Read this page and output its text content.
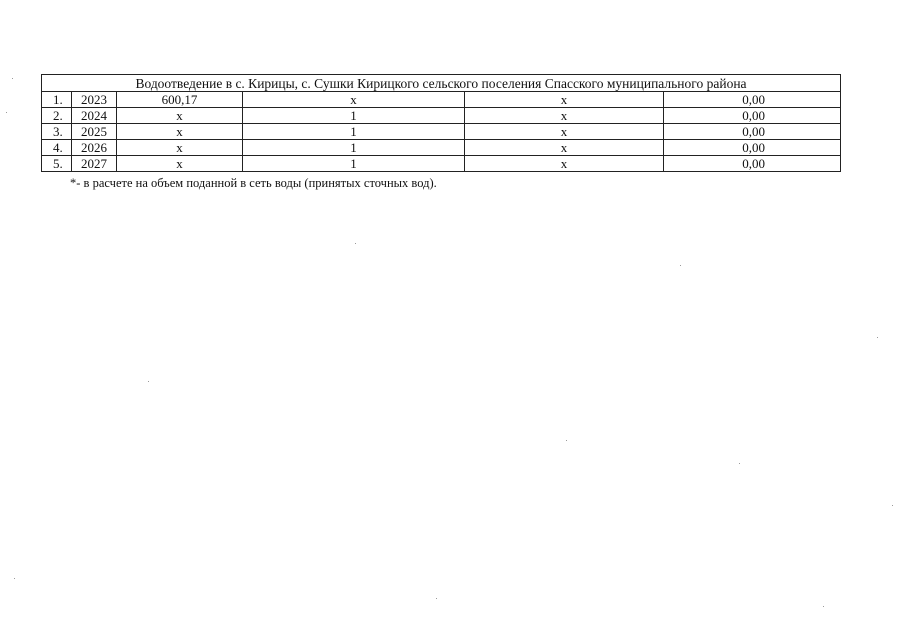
Водоотведение в с. Кирицы, с. Сушки Кирицкого сельского поселения Спасского муниципального района					
1.	2023	600,17	x	x	0,00
2.	2024	x	1	x	0,00
3.	2025	x	1	x	0,00
4.	2026	x	1	x	0,00
5.	2027	x	1	x	0,00
*- в расчете на объем поданной в сеть воды (принятых сточных вод).
